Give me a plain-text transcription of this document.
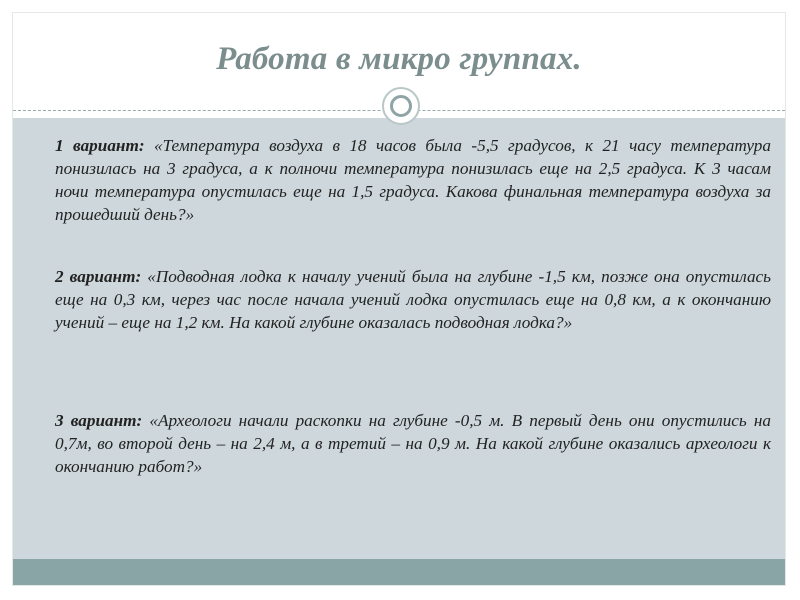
Работа в микро группах.
1 вариант: «Температура воздуха в 18 часов была -5,5 градусов, к 21 часу температура понизилась на 3 градуса, а к полночи температура понизилась еще на 2,5 градуса. К 3 часам ночи температура опустилась еще на 1,5 градуса. Какова финальная температура воздуха за прошедший день?»
2 вариант: «Подводная лодка к началу учений была на глубине -1,5 км, позже она опустилась еще на 0,3 км, через час после начала учений лодка опустилась еще на 0,8 км, а к окончанию учений – еще на 1,2 км. На какой глубине оказалась подводная лодка?»
3 вариант: «Археологи начали раскопки на глубине -0,5 м. В первый день они опустились на 0,7м, во второй день – на 2,4 м, а в третий – на 0,9 м. На какой глубине оказались археологи к окончанию работ?»
